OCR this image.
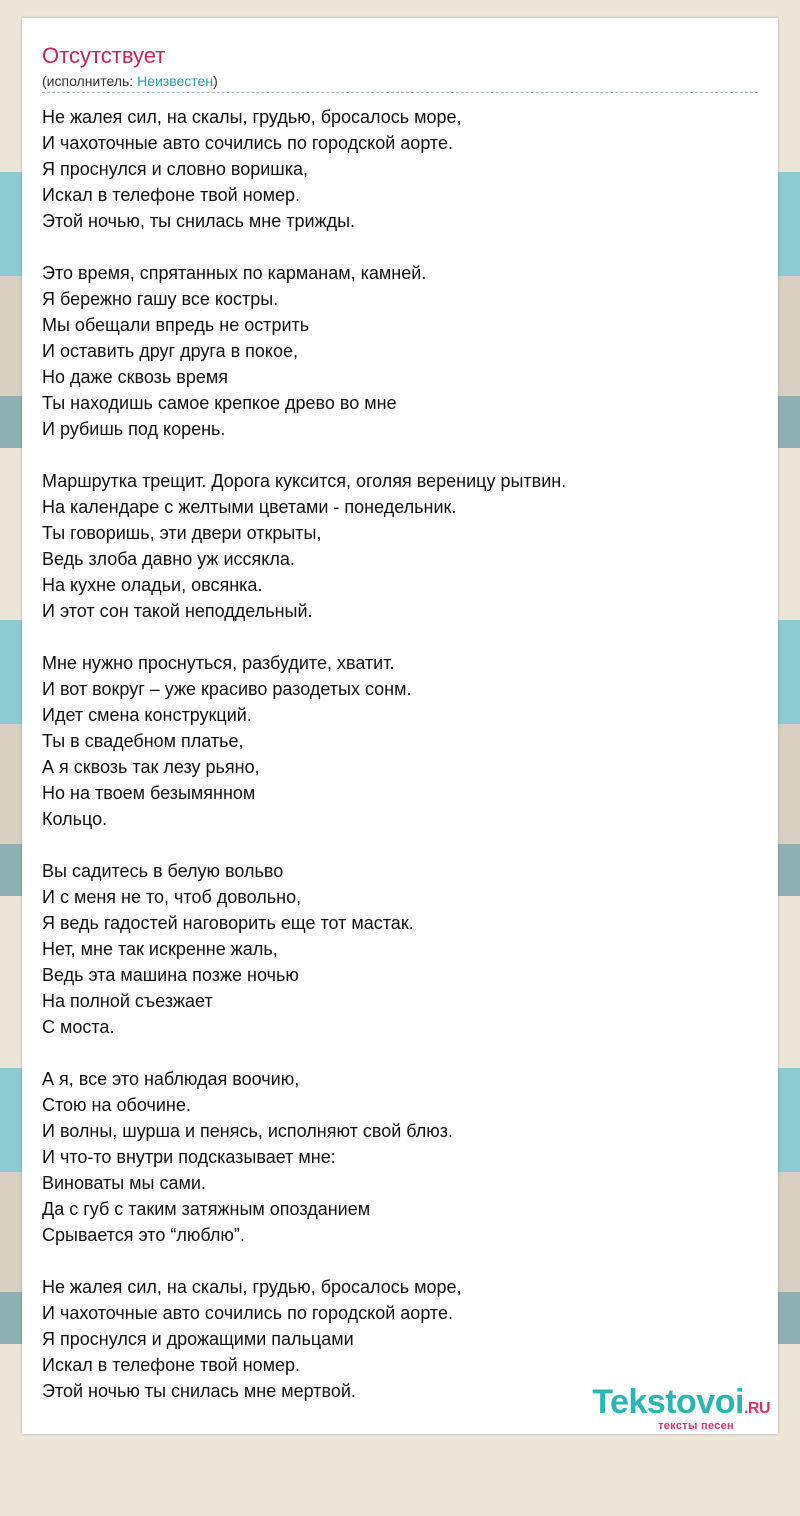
Отсутствует
(исполнитель: Неизвестен)
Не жалея сил, на скалы, грудью, бросалось море,
И чахоточные авто сочились по городской аорте.
Я проснулся и словно воришка,
Искал в телефоне твой номер.
Этой ночью, ты снилась мне трижды.
Это время, спрятанных по карманам, камней.
Я бережно гашу все костры.
Мы обещали впредь не острить
И оставить друг друга в покое,
Но даже сквозь время
Ты находишь самое крепкое древо во мне
И рубишь под корень.
Маршрутка трещит. Дорога куксится, оголяя вереницу рытвин.
На календаре с желтыми цветами - понедельник.
Ты говоришь, эти двери открыты,
Ведь злоба давно уж иссякла.
На кухне оладьи, овсянка.
И этот сон такой неподдельный.
Мне нужно проснуться, разбудите, хватит.
И вот вокруг – уже красиво разодетых сонм.
Идет смена конструкций.
Ты в свадебном платье,
А я сквозь так лезу рьяно,
Но на твоем безымянном
Кольцо.
Вы садитесь в белую вольво
И с меня не то, чтоб довольно,
Я ведь гадостей наговорить еще тот мастак.
Нет, мне так искренне жаль,
Ведь эта машина позже ночью
На полной съезжает
С моста.
А я, все это наблюдая воочию,
Стою на обочине.
И волны, шурша и пенясь, исполняют свой блюз.
И что-то внутри подсказывает мне:
Виноваты мы сами.
Да с губ с таким затяжным опозданием
Срывается это “люблю”.
Не жалея сил, на скалы, грудью, бросалось море,
И чахоточные авто сочились по городской аорте.
Я проснулся и дрожащими пальцами
Искал в телефоне твой номер.
Этой ночью ты снилась мне мертвой.	Tekstovoi.RU
тексты песен
